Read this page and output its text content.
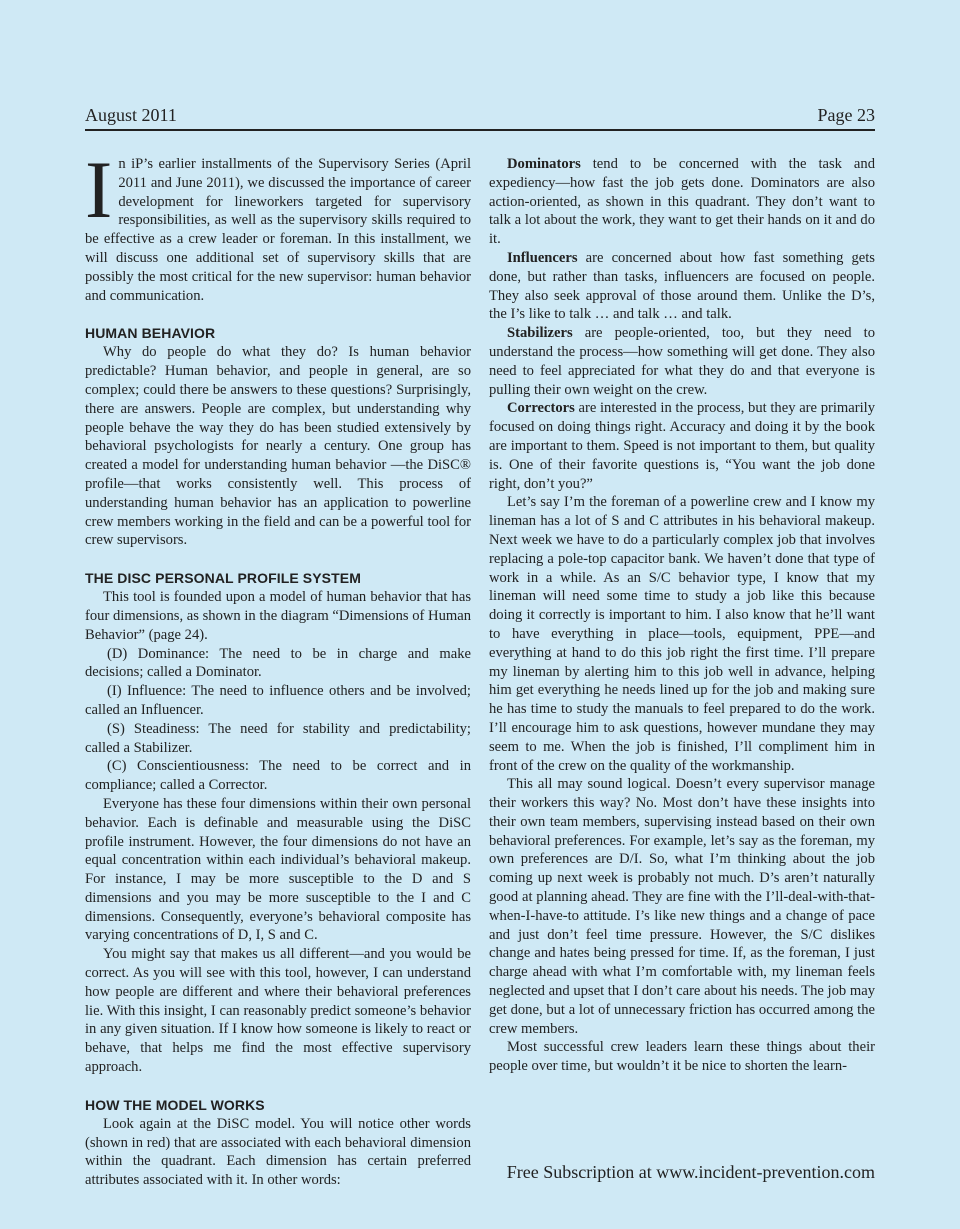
August 2011	Page 23

In iP’s earlier installments of the Supervisory Series (April 2011 and June 2011), we discussed the importance of career development for lineworkers targeted for supervisory responsibilities, as well as the supervisory skills required to be effective as a crew leader or foreman. In this installment, we will discuss one additional set of supervisory skills that are possibly the most critical for the new supervisor: human behavior and communication.

HUMAN BEHAVIOR

Why do people do what they do? Is human behavior predictable? Human behavior, and people in general, are so complex; could there be answers to these questions? Surprisingly, there are answers. People are complex, but understanding why people behave the way they do has been studied extensively by behavioral psychologists for nearly a century. One group has created a model for understanding human behavior —the DiSC® profile—that works consistently well. This process of understanding human behavior has an application to powerline crew members working in the field and can be a powerful tool for crew supervisors.

THE DISC PERSONAL PROFILE SYSTEM

This tool is founded upon a model of human behavior that has four dimensions, as shown in the diagram “Dimensions of Human Behavior” (page 24).

(D) Dominance: The need to be in charge and make decisions; called a Dominator.

(I) Influence: The need to influence others and be involved; called an Influencer.

(S) Steadiness: The need for stability and predictability; called a Stabilizer.

(C) Conscientiousness: The need to be correct and in compliance; called a Corrector.

Everyone has these four dimensions within their own personal behavior. Each is definable and measurable using the DiSC profile instrument. However, the four dimensions do not have an equal concentration within each individual’s behavioral makeup. For instance, I may be more susceptible to the D and S dimensions and you may be more susceptible to the I and C dimensions. Consequently, everyone’s behavioral composite has varying concentrations of D, I, S and C.

You might say that makes us all different—and you would be correct. As you will see with this tool, however, I can understand how people are different and where their behavioral preferences lie. With this insight, I can reasonably predict someone’s behavior in any given situation. If I know how someone is likely to react or behave, that helps me find the most effective supervisory approach.

HOW THE MODEL WORKS

Look again at the DiSC model. You will notice other words (shown in red) that are associated with each behavioral dimension within the quadrant. Each dimension has certain preferred attributes associated with it. In other words:

Dominators tend to be concerned with the task and expediency—how fast the job gets done. Dominators are also action-oriented, as shown in this quadrant. They don’t want to talk a lot about the work, they want to get their hands on it and do it.

Influencers are concerned about how fast something gets done, but rather than tasks, influencers are focused on people. They also seek approval of those around them. Unlike the D’s, the I’s like to talk … and talk … and talk.

Stabilizers are people-oriented, too, but they need to understand the process—how something will get done. They also need to feel appreciated for what they do and that everyone is pulling their own weight on the crew.

Correctors are interested in the process, but they are primarily focused on doing things right. Accuracy and doing it by the book are important to them. Speed is not important to them, but quality is. One of their favorite questions is, “You want the job done right, don’t you?”

Let’s say I’m the foreman of a powerline crew and I know my lineman has a lot of S and C attributes in his behavioral makeup. Next week we have to do a particularly complex job that involves replacing a pole-top capacitor bank. We haven’t done that type of work in a while. As an S/C behavior type, I know that my lineman will need some time to study a job like this because doing it correctly is important to him. I also know that he’ll want to have everything in place—tools, equipment, PPE—and everything at hand to do this job right the first time. I’ll prepare my lineman by alerting him to this job well in advance, helping him get everything he needs lined up for the job and making sure he has time to study the manuals to feel prepared to do the work. I’ll encourage him to ask questions, however mundane they may seem to me. When the job is finished, I’ll compliment him in front of the crew on the quality of the workmanship.

This all may sound logical. Doesn’t every supervisor manage their workers this way? No. Most don’t have these insights into their own team members, supervising instead based on their own behavioral preferences. For example, let’s say as the foreman, my own preferences are D/I. So, what I’m thinking about the job coming up next week is probably not much. D’s aren’t naturally good at planning ahead. They are fine with the I’ll-deal-with-that-when-I-have-to attitude. I’s like new things and a change of pace and just don’t feel time pressure. However, the S/C dislikes change and hates being pressed for time. If, as the foreman, I just charge ahead with what I’m comfortable with, my lineman feels neglected and upset that I don’t care about his needs. The job may get done, but a lot of unnecessary friction has occurred among the crew members.

Most successful crew leaders learn these things about their people over time, but wouldn’t it be nice to shorten the learn-

Free Subscription at www.incident-prevention.com
